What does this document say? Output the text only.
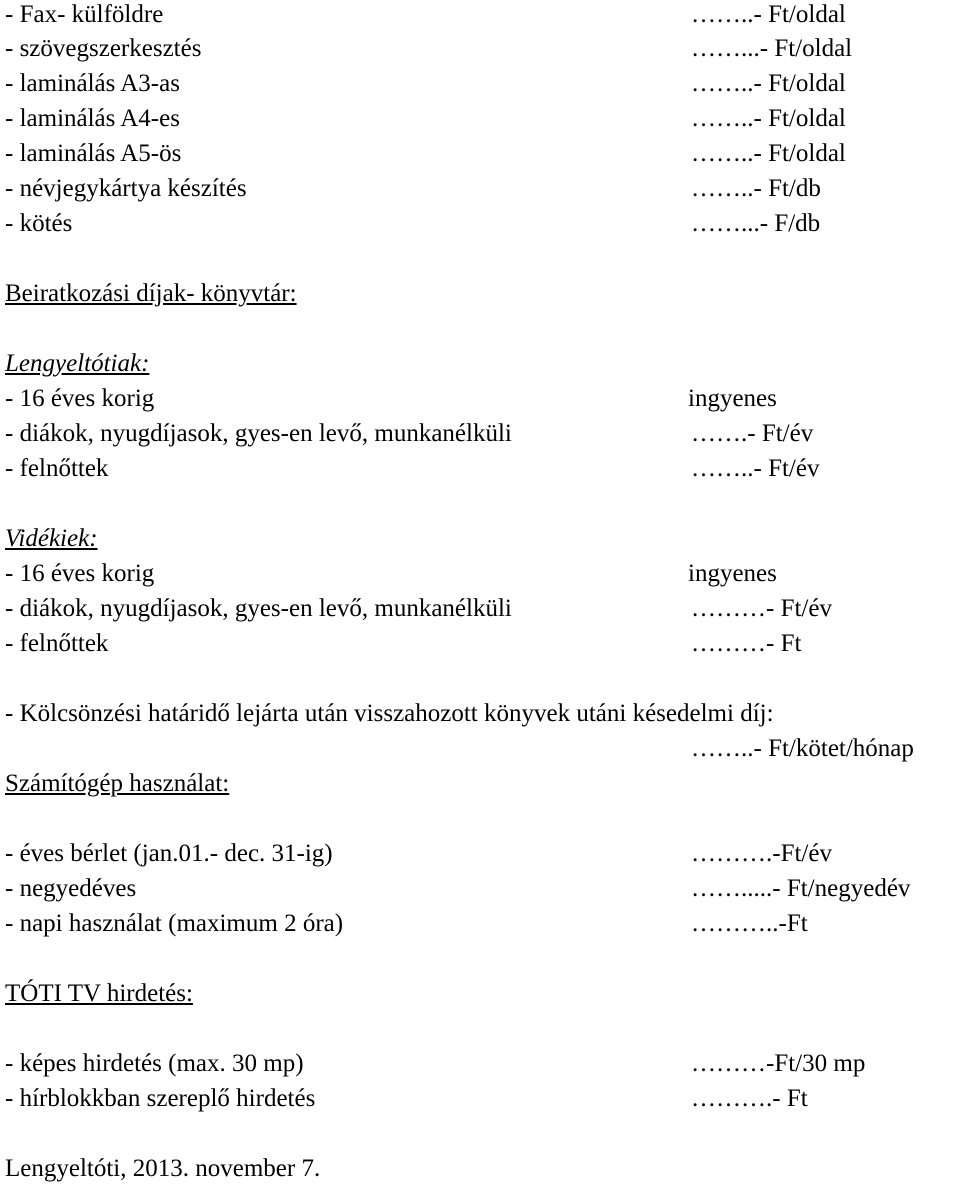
- Fax- külföldre	……..- Ft/oldal
- szövegszerkesztés	……...- Ft/oldal
- laminálás A3-as	……..- Ft/oldal
- laminálás A4-es	……..- Ft/oldal
- laminálás A5-ös	……..- Ft/oldal
- névjegykártya készítés	……..- Ft/db
- kötés	……...- F/db
Beiratkozási díjak- könyvtár:
Lengyeltótiak:
- 16 éves korig	ingyenes
- diákok, nyugdíjasok, gyes-en levő, munkanélküli	…….- Ft/év
- felnőttek	……..- Ft/év
Vidékiek:
- 16 éves korig	ingyenes
- diákok, nyugdíjasok, gyes-en levő, munkanélküli	………- Ft/év
- felnőttek	………- Ft
- Kölcsönzési határidő lejárta után visszahozott könyvek utáni késedelmi díj:
……..- Ft/kötet/hónap
Számítógép használat:
- éves bérlet (jan.01.- dec. 31-ig)	……….-Ft/év
- negyedéves	…….....- Ft/negyedév
- napi használat (maximum 2 óra)	………..-Ft
TÓTI TV hirdetés:
- képes hirdetés (max. 30 mp)	………-Ft/30 mp
- hírblokkban szereplő hirdetés	……….- Ft
Lengyeltóti, 2013. november 7.
